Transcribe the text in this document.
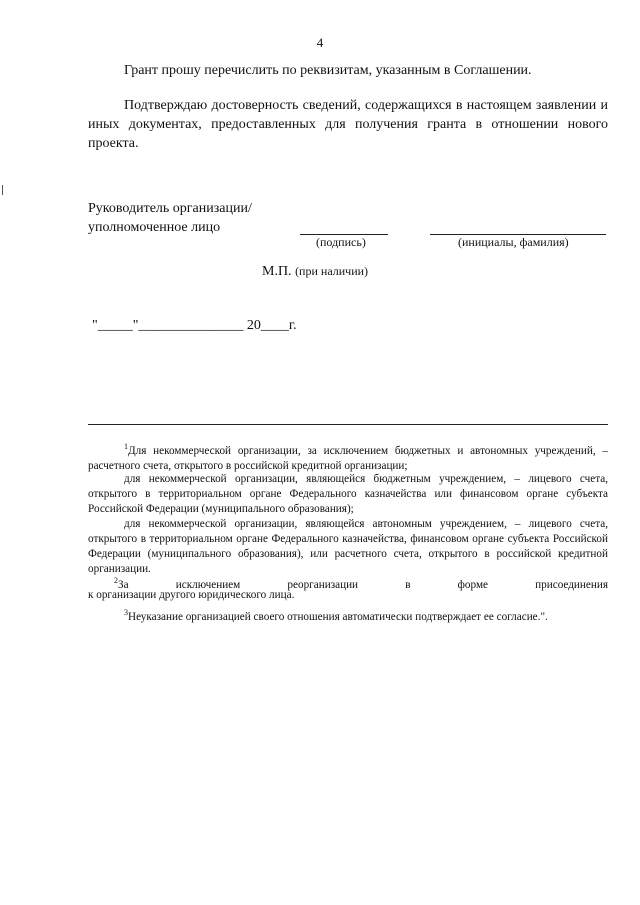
4
Грант прошу перечислить по реквизитам, указанным в Соглашении.
Подтверждаю достоверность сведений, содержащихся в настоящем заявлении и иных документах, предоставленных для получения гранта в отношении нового проекта.
Руководитель организации/
уполномоченное лицо
(подпись)	(инициалы, фамилия)
М.П. (при наличии)
"_____"_______________ 20____г.
$^1$Для некоммерческой организации, за исключением бюджетных и автономных учреждений, – расчетного счета, открытого в российской кредитной организации;
для некоммерческой организации, являющейся бюджетным учреждением, – лицевого счета, открытого в территориальном органе Федерального казначейства или финансовом органе субъекта Российской Федерации (муниципального образования);
для некоммерческой организации, являющейся автономным учреждением, – лицевого счета, открытого в территориальном органе Федерального казначейства, финансовом органе субъекта Российской Федерации (муниципального образования), или расчетного счета, открытого в российской кредитной организации.
$^2$За исключением реорганизации в форме присоединения
к организации другого юридического лица.
$^3$Неуказание организацией своего отношения автоматически подтверждает ее согласие.".
